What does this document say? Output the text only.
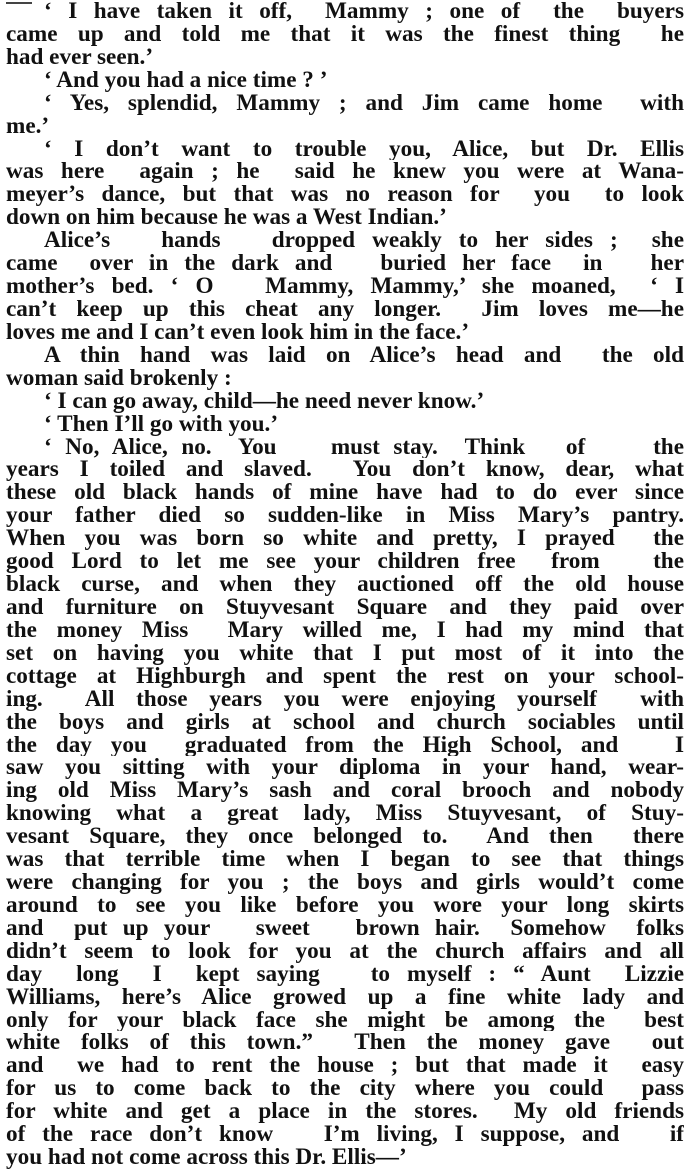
‘ I have taken it off,  Mammy ; one of  the  buyers
came up and told me that it was the finest thing  he
had ever seen.’
‘ And you had a nice time ? ’
‘ Yes, splendid, Mammy ; and Jim came home  with
me.’
‘ I don’t want to trouble you, Alice, but Dr. Ellis
was here  again ; he  said he knew you were at Wana-
meyer’s dance, but that was no reason for  you  to look
down on him because he was a West Indian.’
Alice’s   hands   dropped weakly to her sides ;  she
came  over in the dark and   buried her face  in   her
mother’s bed. ‘ O   Mammy, Mammy,’ she moaned,  ‘ I
can’t keep up this cheat any longer.  Jim loves me—he
loves me and I can’t even look him in the face.’
A thin hand was laid on Alice’s head and  the old
woman said brokenly :
‘ I can go away, child—he need never know.’
‘ Then I’ll go with you.’
‘ No, Alice, no.  You    must stay.  Think   of     the
years I toiled and slaved.  You don’t know, dear, what
these old black hands of mine have had to do ever since
your father died so sudden-like in Miss Mary’s pantry.
When you was born so white and pretty, I prayed  the
good Lord to let me see your children free  from   the
black curse, and when they auctioned off the old house
and furniture on Stuyvesant Square and they paid over
the money Miss  Mary willed me, I had my mind that
set on having you white that I put most of it into the
cottage at Highburgh and spent the rest on your school-
ing.  All those years you were enjoying yourself  with
the boys and girls at school and church sociables until
the day you  graduated from the High School, and   I
saw you sitting with your diploma in your hand, wear-
ing old Miss Mary’s sash and coral brooch and nobody
knowing what a great lady, Miss Stuyvesant, of Stuy-
vesant Square, they once belonged to.  And then  there
was that terrible time when I began to see that things
were changing for you ; the boys and girls would’t come
around to see you like before you wore your long skirts
and  put up your   sweet   brown hair.  Somehow  folks
didn’t seem to look for you at the church affairs and all
day  long  I  kept saying   to myself : “ Aunt  Lizzie
Williams, here’s Alice growed up a fine white lady and
only for your black face she might be among the  best
white folks of this town.”  Then the money gave  out
and  we had to rent the house ; but that made it  easy
for us to come back to the city where you could  pass
for white and get a place in the stores.  My old friends
of the race don’t know   I’m living, I suppose, and   if
you had not come across this Dr. Ellis—’
